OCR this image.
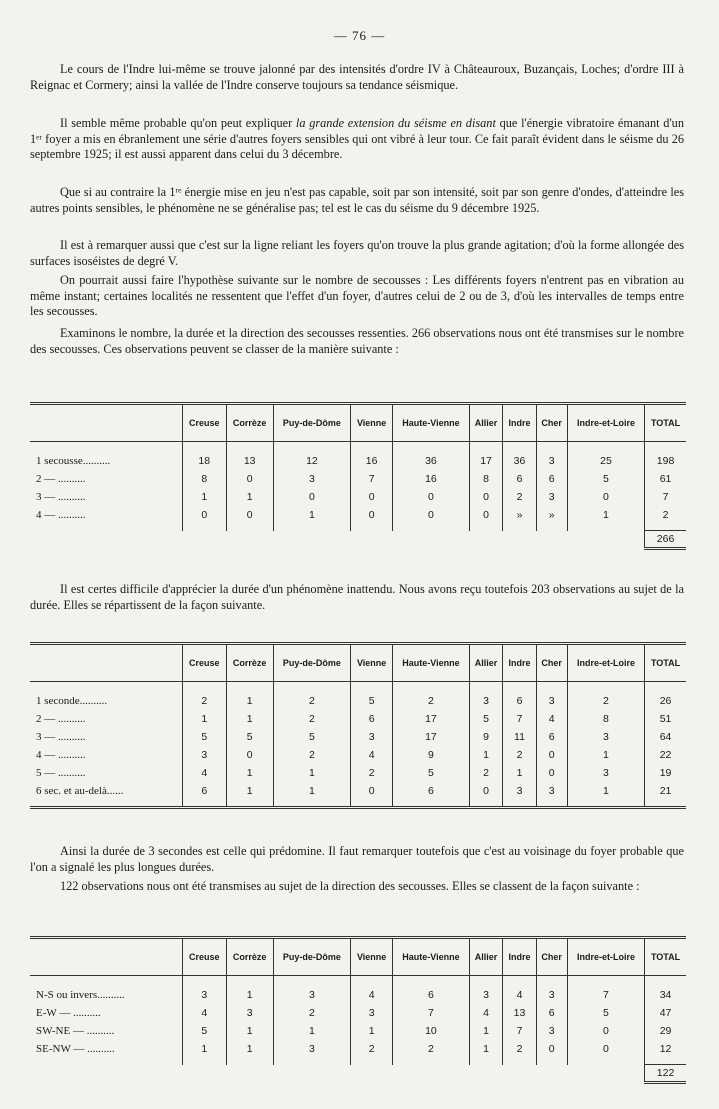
— 76 —

Le cours de l'Indre lui-même se trouve jalonné par des intensités d'ordre IV à Châteauroux, Buzançais, Loches; d'ordre III à Reignac et Cormery; ainsi la vallée de l'Indre conserve toujours sa tendance séismique.

Il semble même probable qu'on peut expliquer la grande extension du séisme en disant que l'énergie vibratoire émanant d'un 1ᵉʳ foyer a mis en ébranlement une série d'autres foyers sensibles qui ont vibré à leur tour. Ce fait paraît évident dans le séisme du 26 septembre 1925; il est aussi apparent dans celui du 3 décembre.

Que si au contraire la 1ʳᵉ énergie mise en jeu n'est pas capable, soit par son intensité, soit par son genre d'ondes, d'atteindre les autres points sensibles, le phénomène ne se généralise pas; tel est le cas du séisme du 9 décembre 1925.

Il est à remarquer aussi que c'est sur la ligne reliant les foyers qu'on trouve la plus grande agitation; d'où la forme allongée des surfaces isoséistes de degré V.

On pourrait aussi faire l'hypothèse suivante sur le nombre de secousses : Les différents foyers n'entrent pas en vibration au même instant; certaines localités ne ressentent que l'effet d'un foyer, d'autres celui de 2 ou de 3, d'où les intervalles de temps entre les secousses.

Examinons le nombre, la durée et la direction des secousses ressenties. 266 observations nous ont été transmises sur le nombre des secousses. Ces observations peuvent se classer de la manière suivante :

	Creuse	Corrèze	Puy-de-Dôme	Vienne	Haute-Vienne	Allier	Indre	Cher	Indre-et-Loire	TOTAL
1 secousse..........	18	13	12	16	36	17	36	3	25	198
2 — ..........	8	0	3	7	16	8	6	6	5	61
3 — ..........	1	1	0	0	0	0	2	3	0	7
4 — ..........	0	0	1	0	0	0	»	»	1	2
										266

Il est certes difficile d'apprécier la durée d'un phénomène inattendu. Nous avons reçu toutefois 203 observations au sujet de la durée. Elles se répartissent de la façon suivante.

	Creuse	Corrèze	Puy-de-Dôme	Vienne	Haute-Vienne	Allier	Indre	Cher	Indre-et-Loire	TOTAL
1 seconde..........	2	1	2	5	2	3	6	3	2	26
2 — ..........	1	1	2	6	17	5	7	4	8	51
3 — ..........	5	5	5	3	17	9	11	6	3	64
4 — ..........	3	0	2	4	9	1	2	0	1	22
5 — ..........	4	1	1	2	5	2	1	0	3	19
6 sec. et au-delà......	6	1	1	0	6	0	3	3	1	21

Ainsi la durée de 3 secondes est celle qui prédomine. Il faut remarquer toutefois que c'est au voisinage du foyer probable que l'on a signalé les plus longues durées.

122 observations nous ont été transmises au sujet de la direction des secousses. Elles se classent de la façon suivante :

	Creuse	Corrèze	Puy-de-Dôme	Vienne	Haute-Vienne	Allier	Indre	Cher	Indre-et-Loire	TOTAL
N-S ou invers..........	3	1	3	4	6	3	4	3	7	34
E-W — ..........	4	3	2	3	7	4	13	6	5	47
SW-NE — ..........	5	1	1	1	10	1	7	3	0	29
SE-NW — ..........	1	1	3	2	2	1	2	0	0	12
										122
